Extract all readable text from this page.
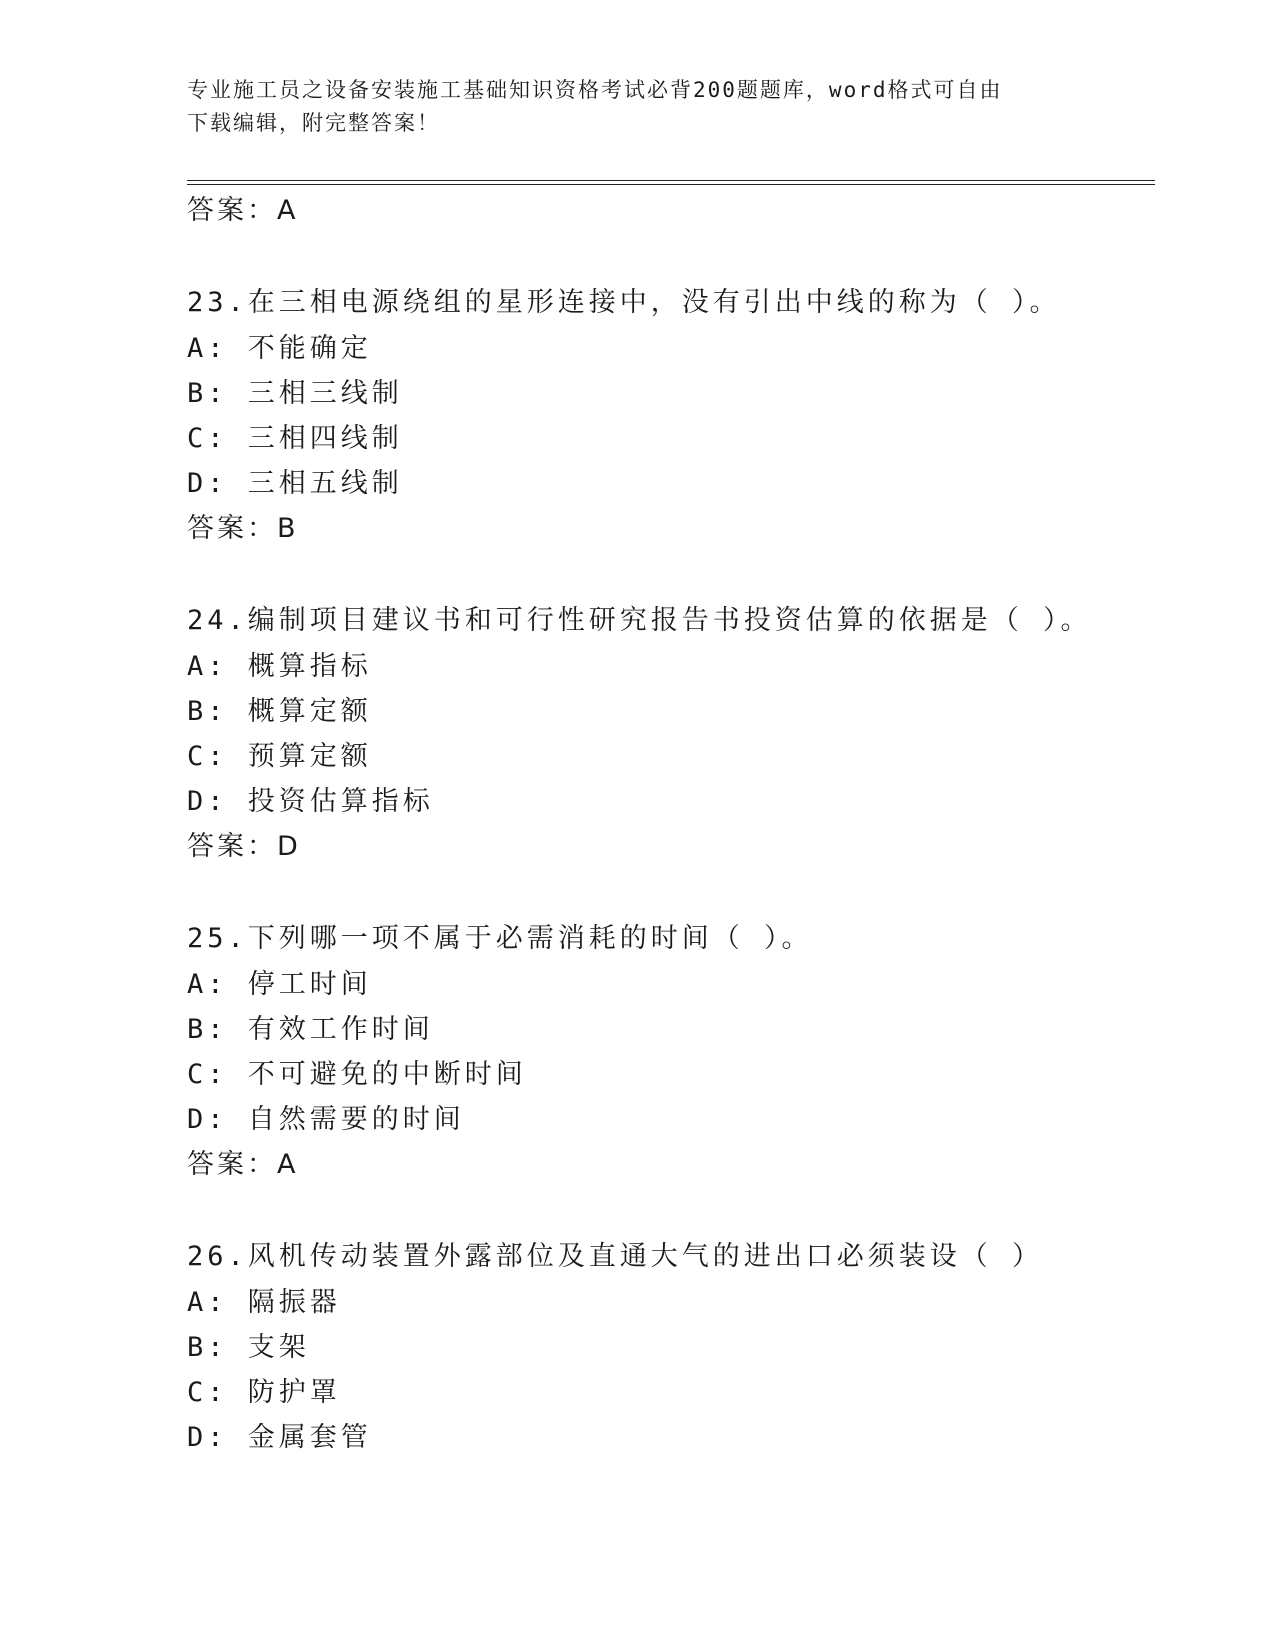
专业施工员之设备安装施工基础知识资格考试必背200题题库，word格式可自由
下载编辑，附完整答案！
答案：A
23.在三相电源绕组的星形连接中，没有引出中线的称为（ ）。
A: 不能确定
B: 三相三线制
C: 三相四线制
D: 三相五线制
答案：B
24.编制项目建议书和可行性研究报告书投资估算的依据是（ ）。
A: 概算指标
B: 概算定额
C: 预算定额
D: 投资估算指标
答案：D
25.下列哪一项不属于必需消耗的时间（ ）。
A: 停工时间
B: 有效工作时间
C: 不可避免的中断时间
D: 自然需要的时间
答案：A
26.风机传动装置外露部位及直通大气的进出口必须装设（ ）
A: 隔振器
B: 支架
C: 防护罩
D: 金属套管
